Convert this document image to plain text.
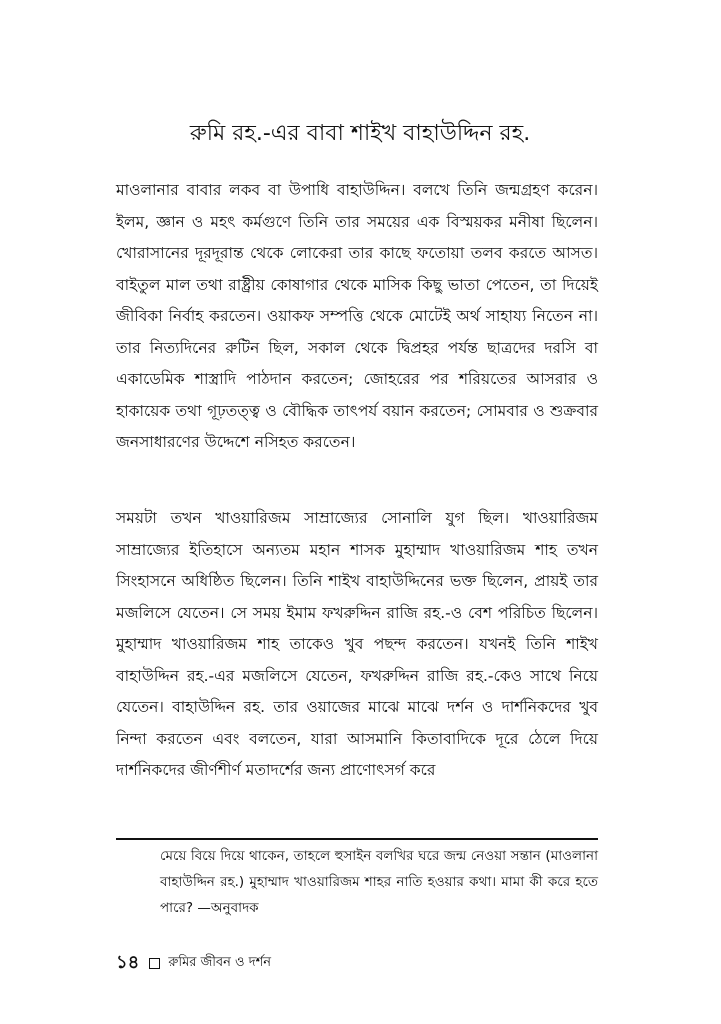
রুমি রহ.-এর বাবা শাইখ বাহাউদ্দিন রহ.

মাওলানার বাবার লকব বা উপাধি বাহাউদ্দিন। বলখে তিনি জন্মগ্রহণ করেন। ইলম, জ্ঞান ও মহৎ কর্মগুণে তিনি তার সময়ের এক বিস্ময়কর মনীষা ছিলেন। খোরাসানের দূরদূরান্ত থেকে লোকেরা তার কাছে ফতোয়া তলব করতে আসত। বাইতুল মাল তথা রাষ্ট্রীয় কোষাগার থেকে মাসিক কিছু ভাতা পেতেন, তা দিয়েই জীবিকা নির্বাহ করতেন। ওয়াকফ সম্পত্তি থেকে মোটেই অর্থ সাহায্য নিতেন না। তার নিত্যদিনের রুটিন ছিল, সকাল থেকে দ্বিপ্রহর পর্যন্ত ছাত্রদের দরসি বা একাডেমিক শাস্ত্রাদি পাঠদান করতেন; জোহরের পর শরিয়তের আসরার ও হাকায়েক তথা গূঢ়তত্ত্ব ও বৌদ্ধিক তাৎপর্য বয়ান করতেন; সোমবার ও শুক্রবার জনসাধারণের উদ্দেশে নসিহত করতেন।

সময়টা তখন খাওয়ারিজম সাম্রাজ্যের সোনালি যুগ ছিল। খাওয়ারিজম সাম্রাজ্যের ইতিহাসে অন্যতম মহান শাসক মুহাম্মাদ খাওয়ারিজম শাহ তখন সিংহাসনে অধিষ্ঠিত ছিলেন। তিনি শাইখ বাহাউদ্দিনের ভক্ত ছিলেন, প্রায়ই তার মজলিসে যেতেন। সে সময় ইমাম ফখরুদ্দিন রাজি রহ.-ও বেশ পরিচিত ছিলেন। মুহাম্মাদ খাওয়ারিজম শাহ তাকেও খুব পছন্দ করতেন। যখনই তিনি শাইখ বাহাউদ্দিন রহ.-এর মজলিসে যেতেন, ফখরুদ্দিন রাজি রহ.-কেও সাথে নিয়ে যেতেন। বাহাউদ্দিন রহ. তার ওয়াজের মাঝে মাঝে দর্শন ও দার্শনিকদের খুব নিন্দা করতেন এবং বলতেন, যারা আসমানি কিতাবাদিকে দূরে ঠেলে দিয়ে দার্শনিকদের জীর্ণশীর্ণ মতাদর্শের জন্য প্রাণোৎসর্গ করে

মেয়ে বিয়ে দিয়ে থাকেন, তাহলে হুসাইন বলখির ঘরে জন্ম নেওয়া সন্তান (মাওলানা বাহাউদ্দিন রহ.) মুহাম্মাদ খাওয়ারিজম শাহর নাতি হওয়ার কথা। মামা কী করে হতে পারে? —অনুবাদক

১৪ রুমির জীবন ও দর্শন
